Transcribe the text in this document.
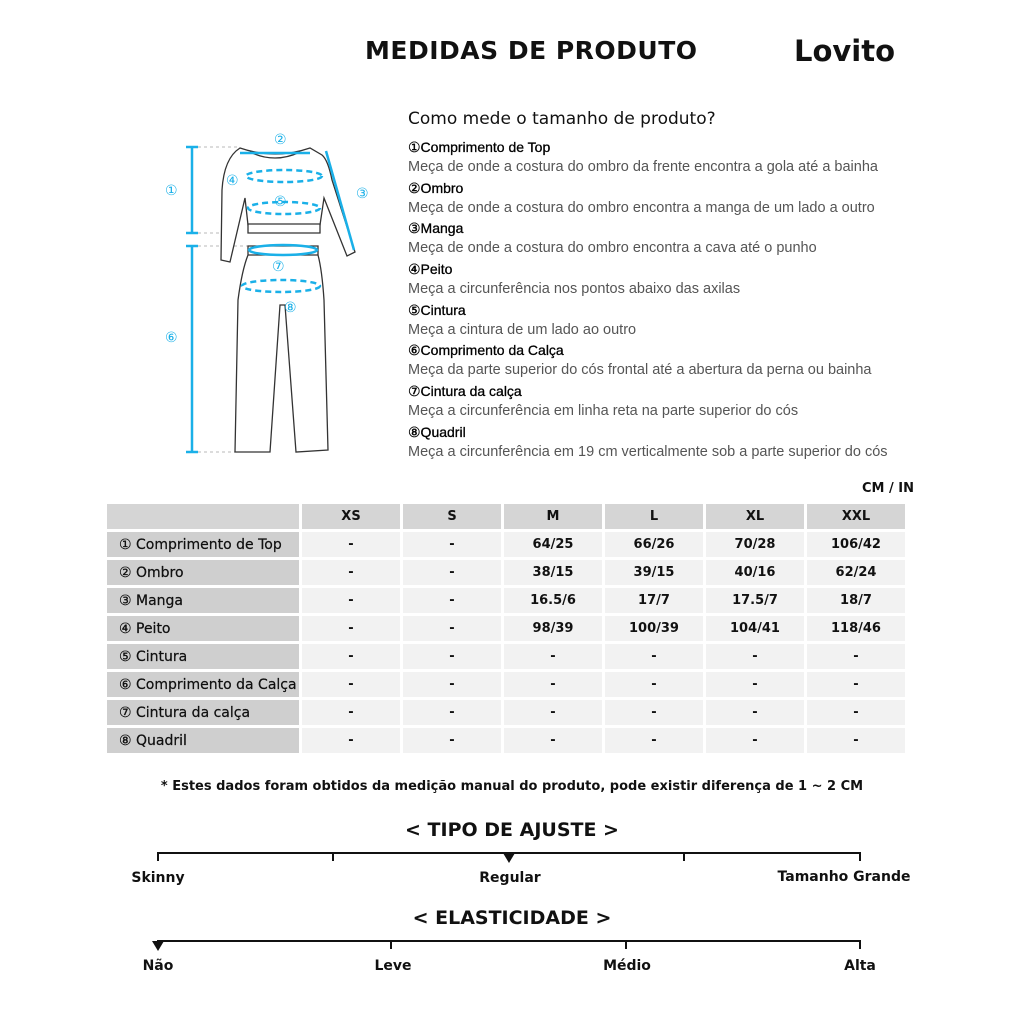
MEDIDAS DE PRODUTO	Lovito
①
②
③
④
⑤
⑥
⑦
⑧
Como mede o tamanho de produto?
①Comprimento de Top
Meça de onde a costura do ombro da frente encontra a gola até a bainha
②Ombro
Meça de onde a costura do ombro encontra a manga de um lado a outro
③Manga
Meça de onde a costura do ombro encontra a cava até o punho
④Peito
Meça a circunferência nos pontos abaixo das axilas
⑤Cintura
Meça a cintura de um lado ao outro
⑥Comprimento da Calça
Meça da parte superior do cós frontal até a abertura da perna ou bainha
⑦Cintura da calça
Meça a circunferência em linha reta na parte superior do cós
⑧Quadril
Meça a circunferência em 19 cm verticalmente sob a parte superior do cós
CM / IN
	XS	S	M	L	XL	XXL
① Comprimento de Top	-	-	64/25	66/26	70/28	106/42
② Ombro	-	-	38/15	39/15	40/16	62/24
③ Manga	-	-	16.5/6	17/7	17.5/7	18/7
④ Peito	-	-	98/39	100/39	104/41	118/46
⑤ Cintura	-	-	-	-	-	-
⑥ Comprimento da Calça	-	-	-	-	-	-
⑦ Cintura da calça	-	-	-	-	-	-
⑧ Quadril	-	-	-	-	-	-
* Estes dados foram obtidos da medição manual do produto, pode existir diferença de 1 ~ 2 CM
< TIPO DE AJUSTE >
Skinny	Regular	Tamanho Grande
< ELASTICIDADE >
Não	Leve	Médio	Alta
